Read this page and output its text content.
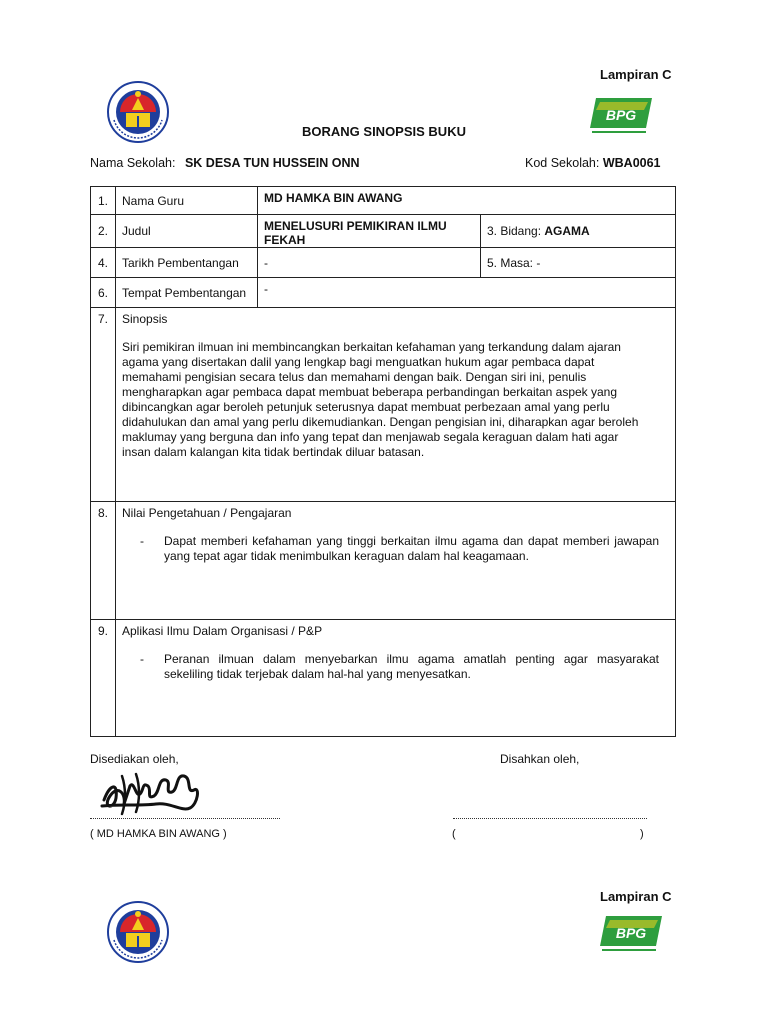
Lampiran C
BPG
BORANG SINOPSIS BUKU
Nama Sekolah: SK DESA TUN HUSSEIN ONN	Kod Sekolah: WBA0061
1.	Nama Guru	MD HAMKA BIN AWANG	
2.	Judul	MENELUSURI PEMIKIRAN ILMU FEKAH	3. Bidang: AGAMA
4.	Tarikh Pembentangan	-	5. Masa: -
6.	Tempat Pembentangan	-	
7.	Sinopsis
Siri pemikiran ilmuan ini membincangkan berkaitan kefahaman yang terkandung dalam ajaran agama yang disertakan dalil yang lengkap bagi menguatkan hukum agar pembaca dapat memahami pengisian secara telus dan memahami dengan baik. Dengan siri ini, penulis mengharapkan agar pembaca dapat membuat beberapa perbandingan berkaitan aspek yang dibincangkan agar beroleh petunjuk seterusnya dapat membuat perbezaan amal yang perlu didahulukan dan amal yang perlu dikemudiankan. Dengan pengisian ini, diharapkan agar beroleh maklumay yang berguna dan info yang tepat dan menjawab segala keraguan dalam hati agar insan dalam kalangan kita tidak bertindak diluar batasan.		

8.	Nilai Pengetahuan / Pengajaran
- Dapat memberi kefahaman yang tinggi berkaitan ilmu agama dan dapat memberi jawapan yang tepat agar tidak menimbulkan keraguan dalam hal keagamaan.		

9.	Aplikasi Ilmu Dalam Organisasi / P&P
- Peranan ilmuan dalam menyebarkan ilmu agama amatlah penting agar masyarakat sekeliling tidak terjebak dalam hal-hal yang menyesatkan.		
Disediakan oleh,	Disahkan oleh,
( MD HAMKA BIN AWANG )	(	)
Lampiran C
BPG
